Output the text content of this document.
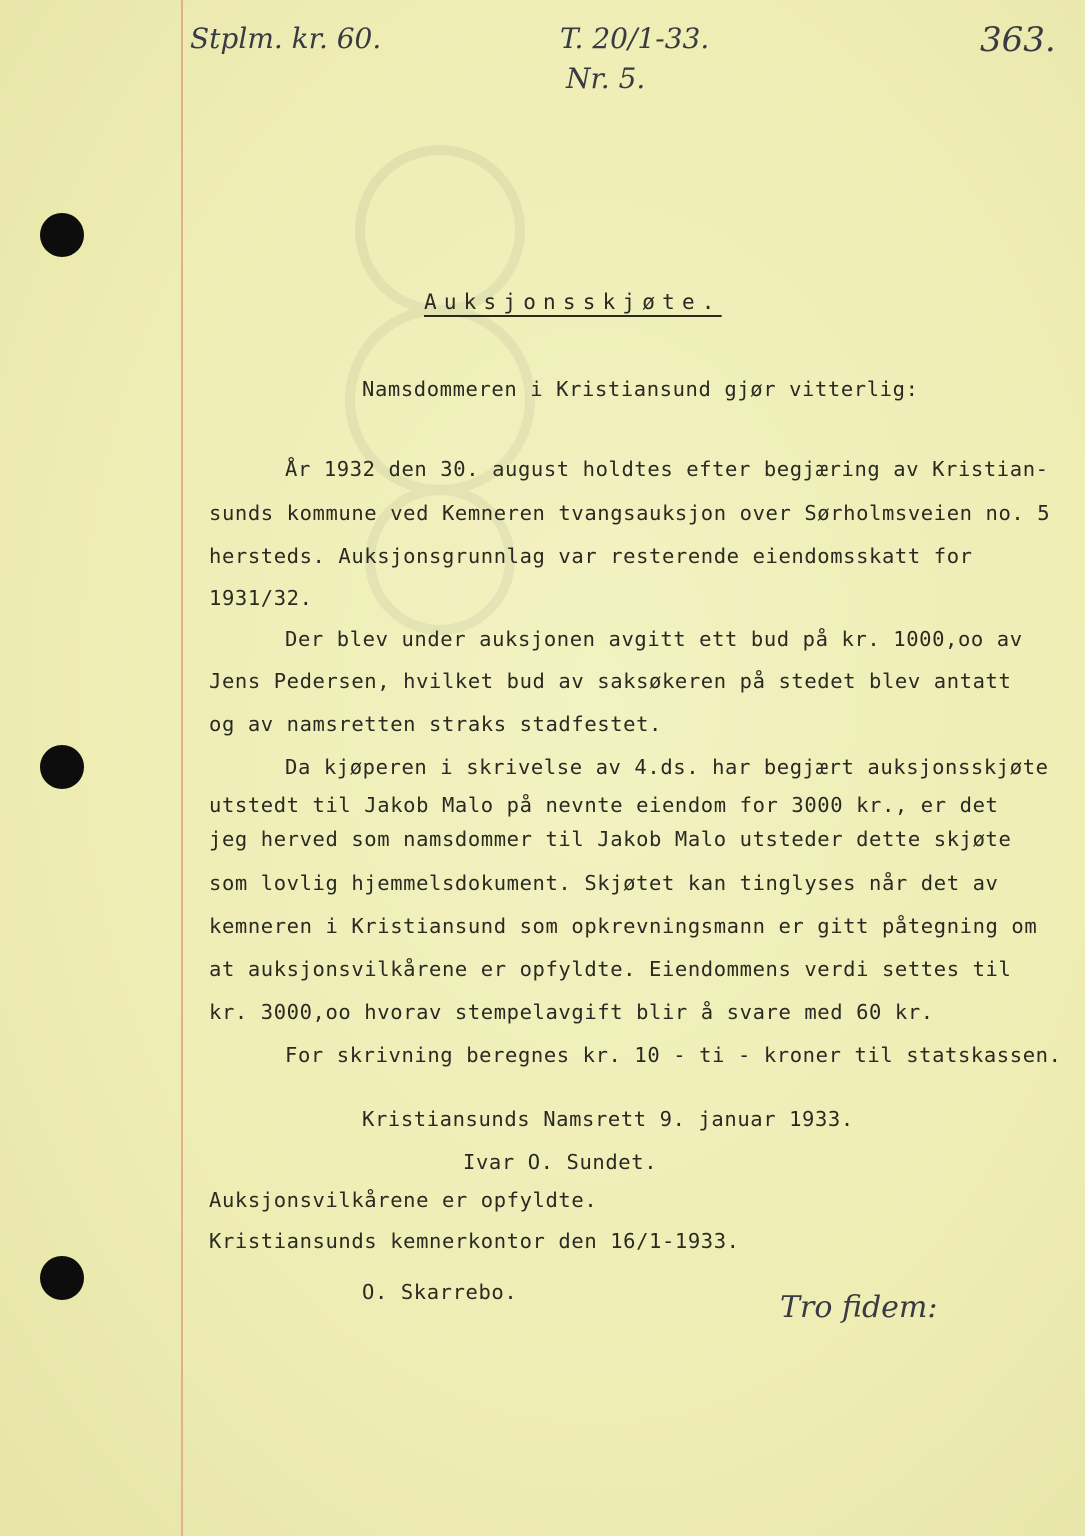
Stplm. kr. 60.	T. 20/1-33.
Nr. 5.
363.
Auksjonsskjøte.
Namsdommeren i Kristiansund gjør vitterlig:
År 1932 den 30. august holdtes efter begjæring av Kristian-
sunds kommune ved Kemneren tvangsauksjon over Sørholmsveien no. 5
hersteds. Auksjonsgrunnlag var resterende eiendomsskatt for
1931/32.
Der blev under auksjonen avgitt ett bud på kr. 1000,oo av
Jens Pedersen, hvilket bud av saksøkeren på stedet blev antatt
og av namsretten straks stadfestet.
Da kjøperen i skrivelse av 4.ds. har begjært auksjonsskjøte
utstedt til Jakob Malo på nevnte eiendom for 3000 kr., er det
jeg herved som namsdommer til Jakob Malo utsteder dette skjøte
som lovlig hjemmelsdokument. Skjøtet kan tinglyses når det av
kemneren i Kristiansund som opkrevningsmann er gitt påtegning om
at auksjonsvilkårene er opfyldte. Eiendommens verdi settes til
kr. 3000,oo hvorav stempelavgift blir å svare med 60 kr.
For skrivning beregnes kr. 10 - ti - kroner til statskassen.
Kristiansunds Namsrett 9. januar 1933.
Ivar O. Sundet.
Auksjonsvilkårene er opfyldte.
Kristiansunds kemnerkontor den 16/1-1933.
O. Skarrebo.	Tro fidem:
